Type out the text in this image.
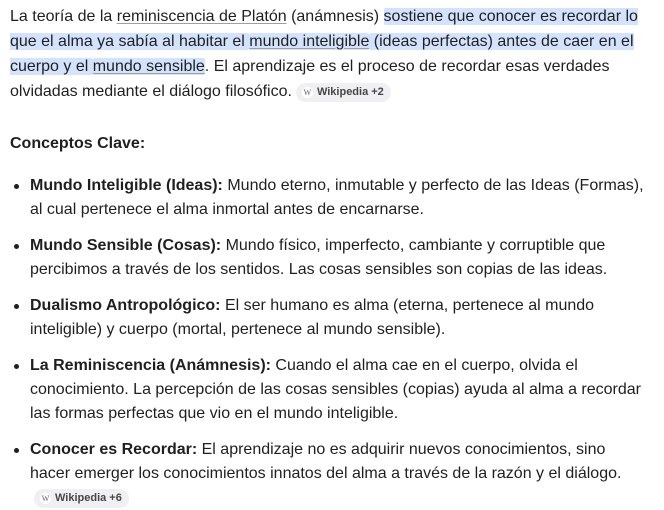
La teoría de la reminiscencia de Platón (anámnesis) sostiene que conocer es recordar lo que el alma ya sabía al habitar el mundo inteligible (ideas perfectas) antes de caer en el cuerpo y el mundo sensible. El aprendizaje es el proceso de recordar esas verdades olvidadas mediante el diálogo filosófico. W Wikipedia +2

Conceptos Clave:

Mundo Inteligible (Ideas): Mundo eterno, inmutable y perfecto de las Ideas (Formas), al cual pertenece el alma inmortal antes de encarnarse.
Mundo Sensible (Cosas): Mundo físico, imperfecto, cambiante y corruptible que percibimos a través de los sentidos. Las cosas sensibles son copias de las ideas.
Dualismo Antropológico: El ser humano es alma (eterna, pertenece al mundo inteligible) y cuerpo (mortal, pertenece al mundo sensible).
La Reminiscencia (Anámnesis): Cuando el alma cae en el cuerpo, olvida el conocimiento. La percepción de las cosas sensibles (copias) ayuda al alma a recordar las formas perfectas que vio en el mundo inteligible.
Conocer es Recordar: El aprendizaje no es adquirir nuevos conocimientos, sino hacer emerger los conocimientos innatos del alma a través de la razón y el diálogo.
W Wikipedia +6
